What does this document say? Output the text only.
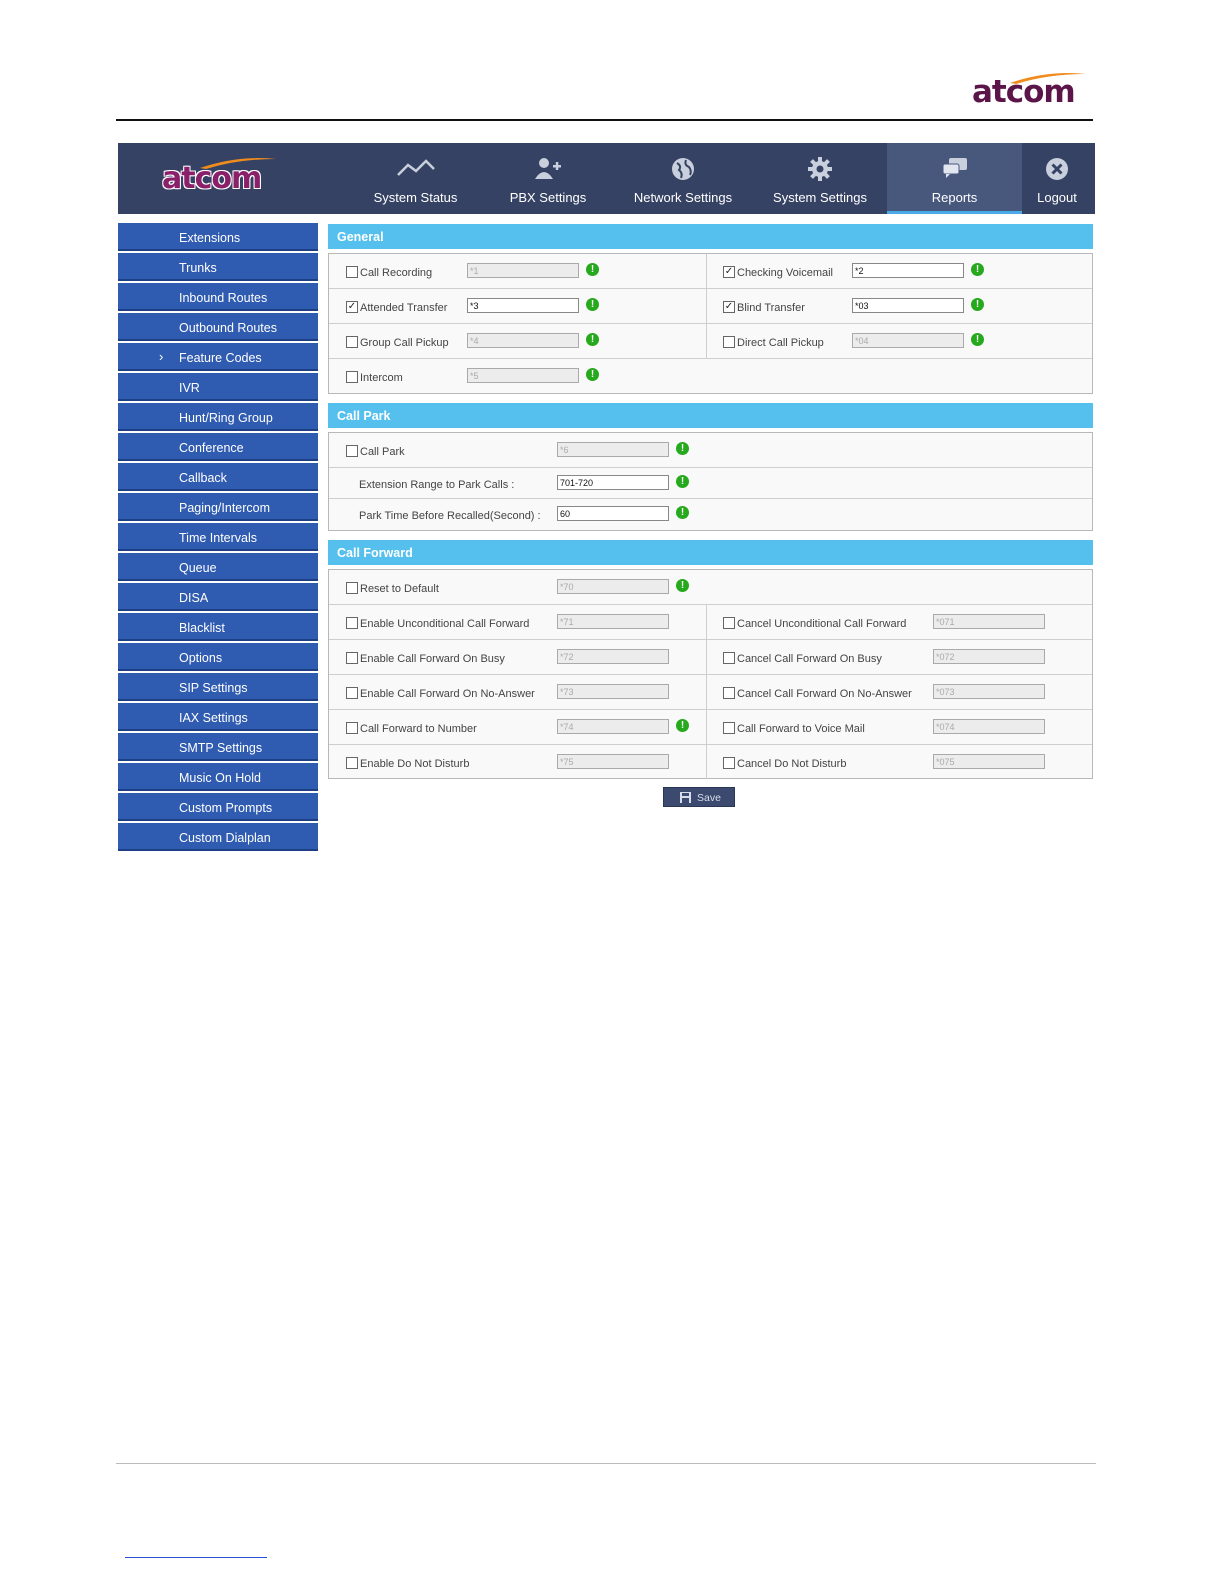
atcom
atcom
System Status	PBX Settings	Network Settings	System Settings	Reports	Logout
Extensions
Trunks
Inbound Routes
Outbound Routes
› Feature Codes
IVR
Hunt/Ring Group
Conference
Callback
Paging/Intercom
Time Intervals
Queue
DISA
Blacklist
Options
SIP Settings
IAX Settings
SMTP Settings
Music On Hold
Custom Prompts
Custom Dialplan
General
Call Recording	*1	!	✓ Checking Voicemail	*2	!
✓ Attended Transfer	*3	!	✓ Blind Transfer	*03	!
Group Call Pickup	*4	!	Direct Call Pickup	*04	!
Intercom	*5	!
Call Park
Call Park	*6	!
Extension Range to Park Calls :	701-720	!
Park Time Before Recalled(Second) :	60	!
Call Forward
Reset to Default	*70	!
Enable Unconditional Call Forward	*71	Cancel Unconditional Call Forward	*071
Enable Call Forward On Busy	*72	Cancel Call Forward On Busy	*072
Enable Call Forward On No-Answer	*73	Cancel Call Forward On No-Answer	*073
Call Forward to Number	*74	!	Call Forward to Voice Mail	*074
Enable Do Not Disturb	*75	Cancel Do Not Disturb	*075
Save
